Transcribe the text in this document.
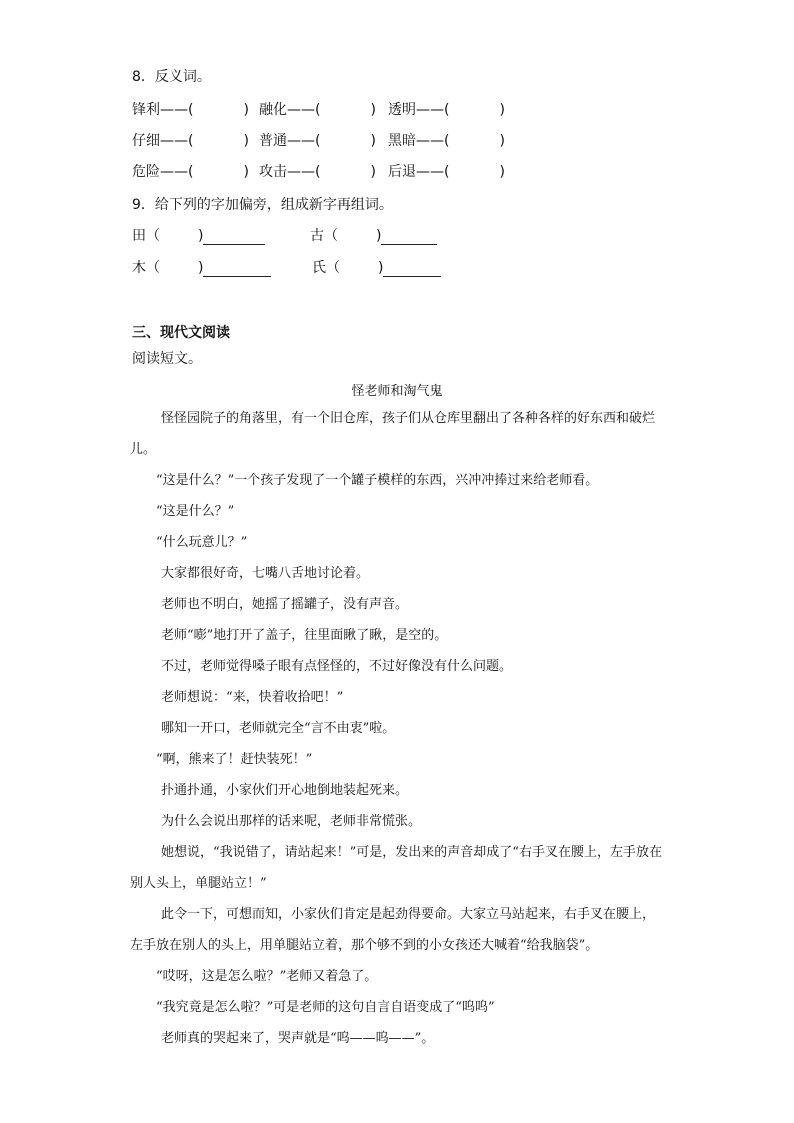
8．反义词。
锋利——(	) 融化——(	) 透明——(	)
仔细——(	) 普通——(	) 黑暗——(	)
危险——(	) 攻击——(	) 后退——(	)
9．给下列的字加偏旁，组成新字再组词。
田（	)	古（	)
木（	)	氏（	)
三、现代文阅读
阅读短文。
怪老师和淘气鬼
怪怪园院子的角落里，有一个旧仓库，孩子们从仓库里翻出了各种各样的好东西和破烂儿。
“这是什么？”一个孩子发现了一个罐子模样的东西，兴冲冲捧过来给老师看。
“这是什么？”
“什么玩意儿？”
大家都很好奇，七嘴八舌地讨论着。
老师也不明白，她摇了摇罐子，没有声音。
老师“嘭”地打开了盖子，往里面瞅了瞅，是空的。
不过，老师觉得嗓子眼有点怪怪的，不过好像没有什么问题。
老师想说：“来，快着收拾吧！”
哪知一开口，老师就完全“言不由衷”啦。
“啊，熊来了！赶快装死！”
扑通扑通，小家伙们开心地倒地装起死来。
为什么会说出那样的话来呢，老师非常慌张。
她想说，“我说错了，请站起来！”可是，发出来的声音却成了“右手叉在腰上，左手放在别人头上，单腿站立！”
此令一下，可想而知，小家伙们肯定是起劲得要命。大家立马站起来，右手叉在腰上，左手放在别人的头上，用单腿站立着，那个够不到的小女孩还大喊着“给我脑袋”。
“哎呀，这是怎么啦？”老师又着急了。
“我究竟是怎么啦？”可是老师的这句自言自语变成了“呜呜”
老师真的哭起来了，哭声就是“呜——呜——”。
